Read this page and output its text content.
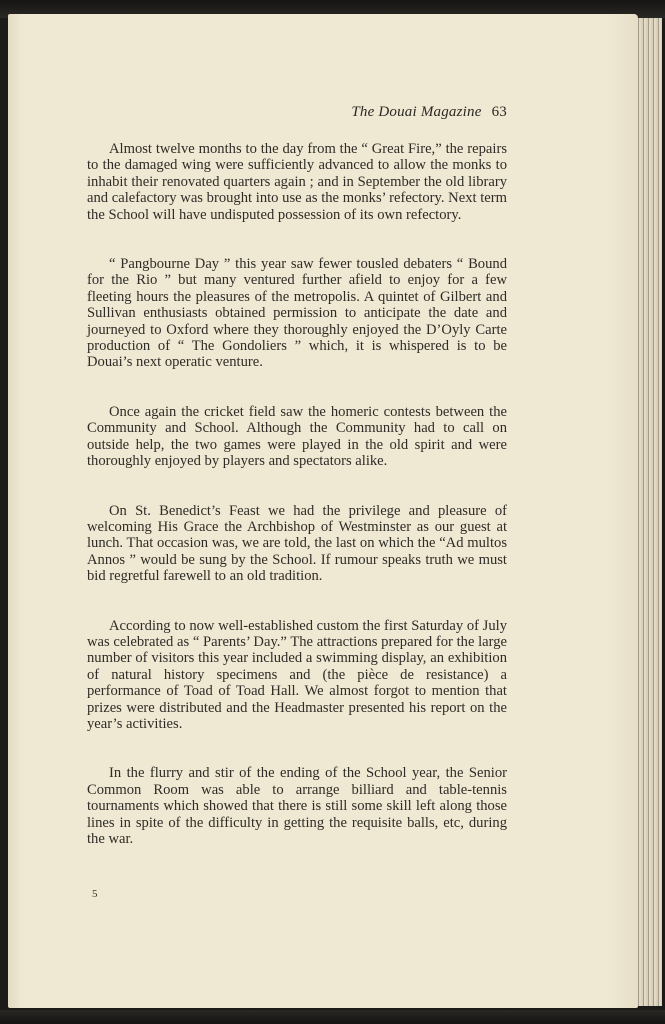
The Douai Magazine 63

Almost twelve months to the day from the “ Great Fire,” the repairs to the damaged wing were sufficiently advanced to allow the monks to inhabit their renovated quarters again ; and in September the old library and calefactory was brought into use as the monks’ refectory. Next term the School will have undisputed possession of its own refectory.

“ Pangbourne Day ” this year saw fewer tousled debaters “ Bound for the Rio ” but many ventured further afield to enjoy for a few fleeting hours the pleasures of the metropolis. A quintet of Gilbert and Sullivan enthusiasts obtained permission to anticipate the date and journeyed to Oxford where they thoroughly enjoyed the D’Oyly Carte production of “ The Gondoliers ” which, it is whispered is to be Douai’s next operatic venture.

Once again the cricket field saw the homeric contests between the Community and School. Although the Community had to call on outside help, the two games were played in the old spirit and were thoroughly enjoyed by players and spectators alike.

On St. Benedict’s Feast we had the privilege and pleasure of welcoming His Grace the Archbishop of Westminster as our guest at lunch. That occasion was, we are told, the last on which the “Ad multos Annos ” would be sung by the School. If rumour speaks truth we must bid regretful farewell to an old tradition.

According to now well-established custom the first Saturday of July was celebrated as “ Parents’ Day.” The attractions prepared for the large number of visitors this year included a swimming display, an exhibition of natural history specimens and (the pièce de resistance) a performance of Toad of Toad Hall. We almost forgot to mention that prizes were distributed and the Headmaster presented his report on the year’s activities.

In the flurry and stir of the ending of the School year, the Senior Common Room was able to arrange billiard and table-tennis tournaments which showed that there is still some skill left along those lines in spite of the difficulty in getting the requisite balls, etc, during the war.

5
